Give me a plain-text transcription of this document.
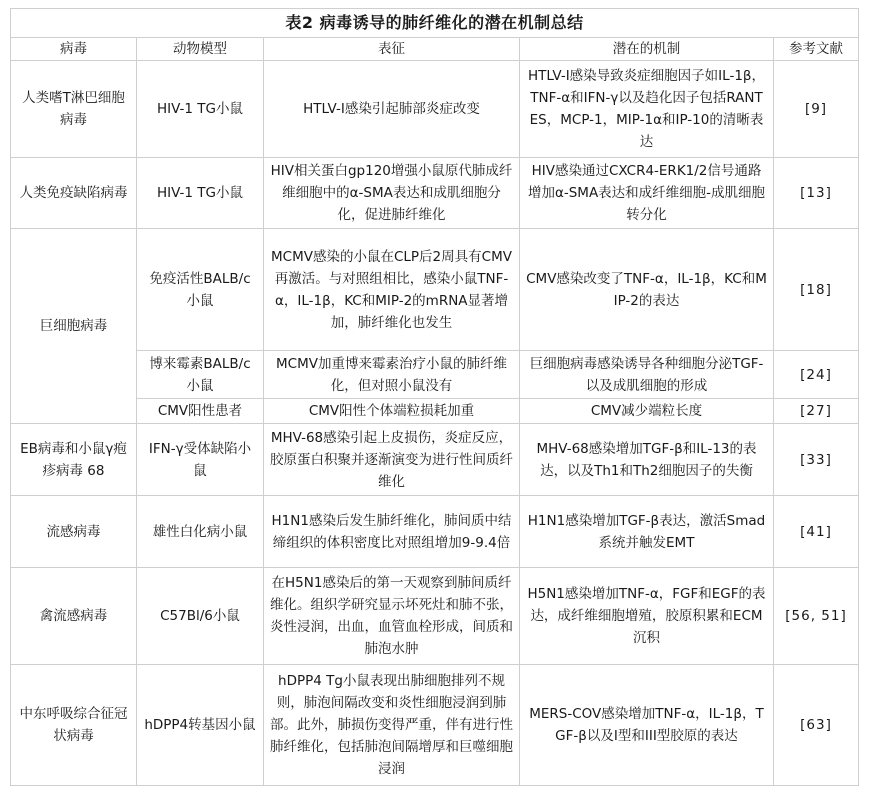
表2 病毒诱导的肺纤维化的潜在机制总结				
病毒	动物模型	表征	潜在的机制	参考文献
人类嗜T淋巴细胞病毒	HIV-1 TG小鼠	HTLV-I感染引起肺部炎症改变	HTLV-I感染导致炎症细胞因子如IL-1β，TNF-α和IFN-γ以及趋化因子包括RANTES，MCP-1，MIP-1α和IP-10的清晰表达	[9]
人类免疫缺陷病毒	HIV-1 TG小鼠	HIV相关蛋白gp120增强小鼠原代肺成纤维细胞中的α-SMA表达和成肌细胞分化，促进肺纤维化	HIV感染通过CXCR4-ERK1/2信号通路增加α-SMA表达和成纤维细胞-成肌细胞转分化	[13]
巨细胞病毒	免疫活性BALB/c小鼠	MCMV感染的小鼠在CLP后2周具有CMV再激活。与对照组相比，感染小鼠TNF-α，IL-1β，KC和MIP-2的mRNA显著增加，肺纤维化也发生	CMV感染改变了TNF-α，IL-1β，KC和MIP-2的表达	[18]
	博来霉素BALB/c小鼠	MCMV加重博来霉素治疗小鼠的肺纤维化，但对照小鼠没有	巨细胞病毒感染诱导各种细胞分泌TGF-以及成肌细胞的形成	[24]
	CMV阳性患者	CMV阳性个体端粒损耗加重	CMV减少端粒长度	[27]
EB病毒和小鼠γ疱疹病毒 68	IFN-γ受体缺陷小鼠	MHV-68感染引起上皮损伤，炎症反应，胶原蛋白积聚并逐渐演变为进行性间质纤维化	MHV-68感染增加TGF-β和IL-13的表达，以及Th1和Th2细胞因子的失衡	[33]
流感病毒	雄性白化病小鼠	H1N1感染后发生肺纤维化，肺间质中结缔组织的体积密度比对照组增加9-9.4倍	H1N1感染增加TGF-β表达，激活Smad系统并触发EMT	[41]
禽流感病毒	C57Bl/6小鼠	在H5N1感染后的第一天观察到肺间质纤维化。组织学研究显示坏死灶和肺不张，炎性浸润，出血，血管血栓形成，间质和肺泡水肿	H5N1感染增加TNF-α，FGF和EGF的表达，成纤维细胞增殖，胶原积累和ECM沉积	[56, 51]
中东呼吸综合征冠状病毒	hDPP4转基因小鼠	hDPP4 Tg小鼠表现出肺细胞排列不规则，肺泡间隔改变和炎性细胞浸润到肺部。此外，肺损伤变得严重，伴有进行性肺纤维化，包括肺泡间隔增厚和巨噬细胞浸润	MERS-COV感染增加TNF-α，IL-1β，TGF-β以及I型和III型胶原的表达	[63]
